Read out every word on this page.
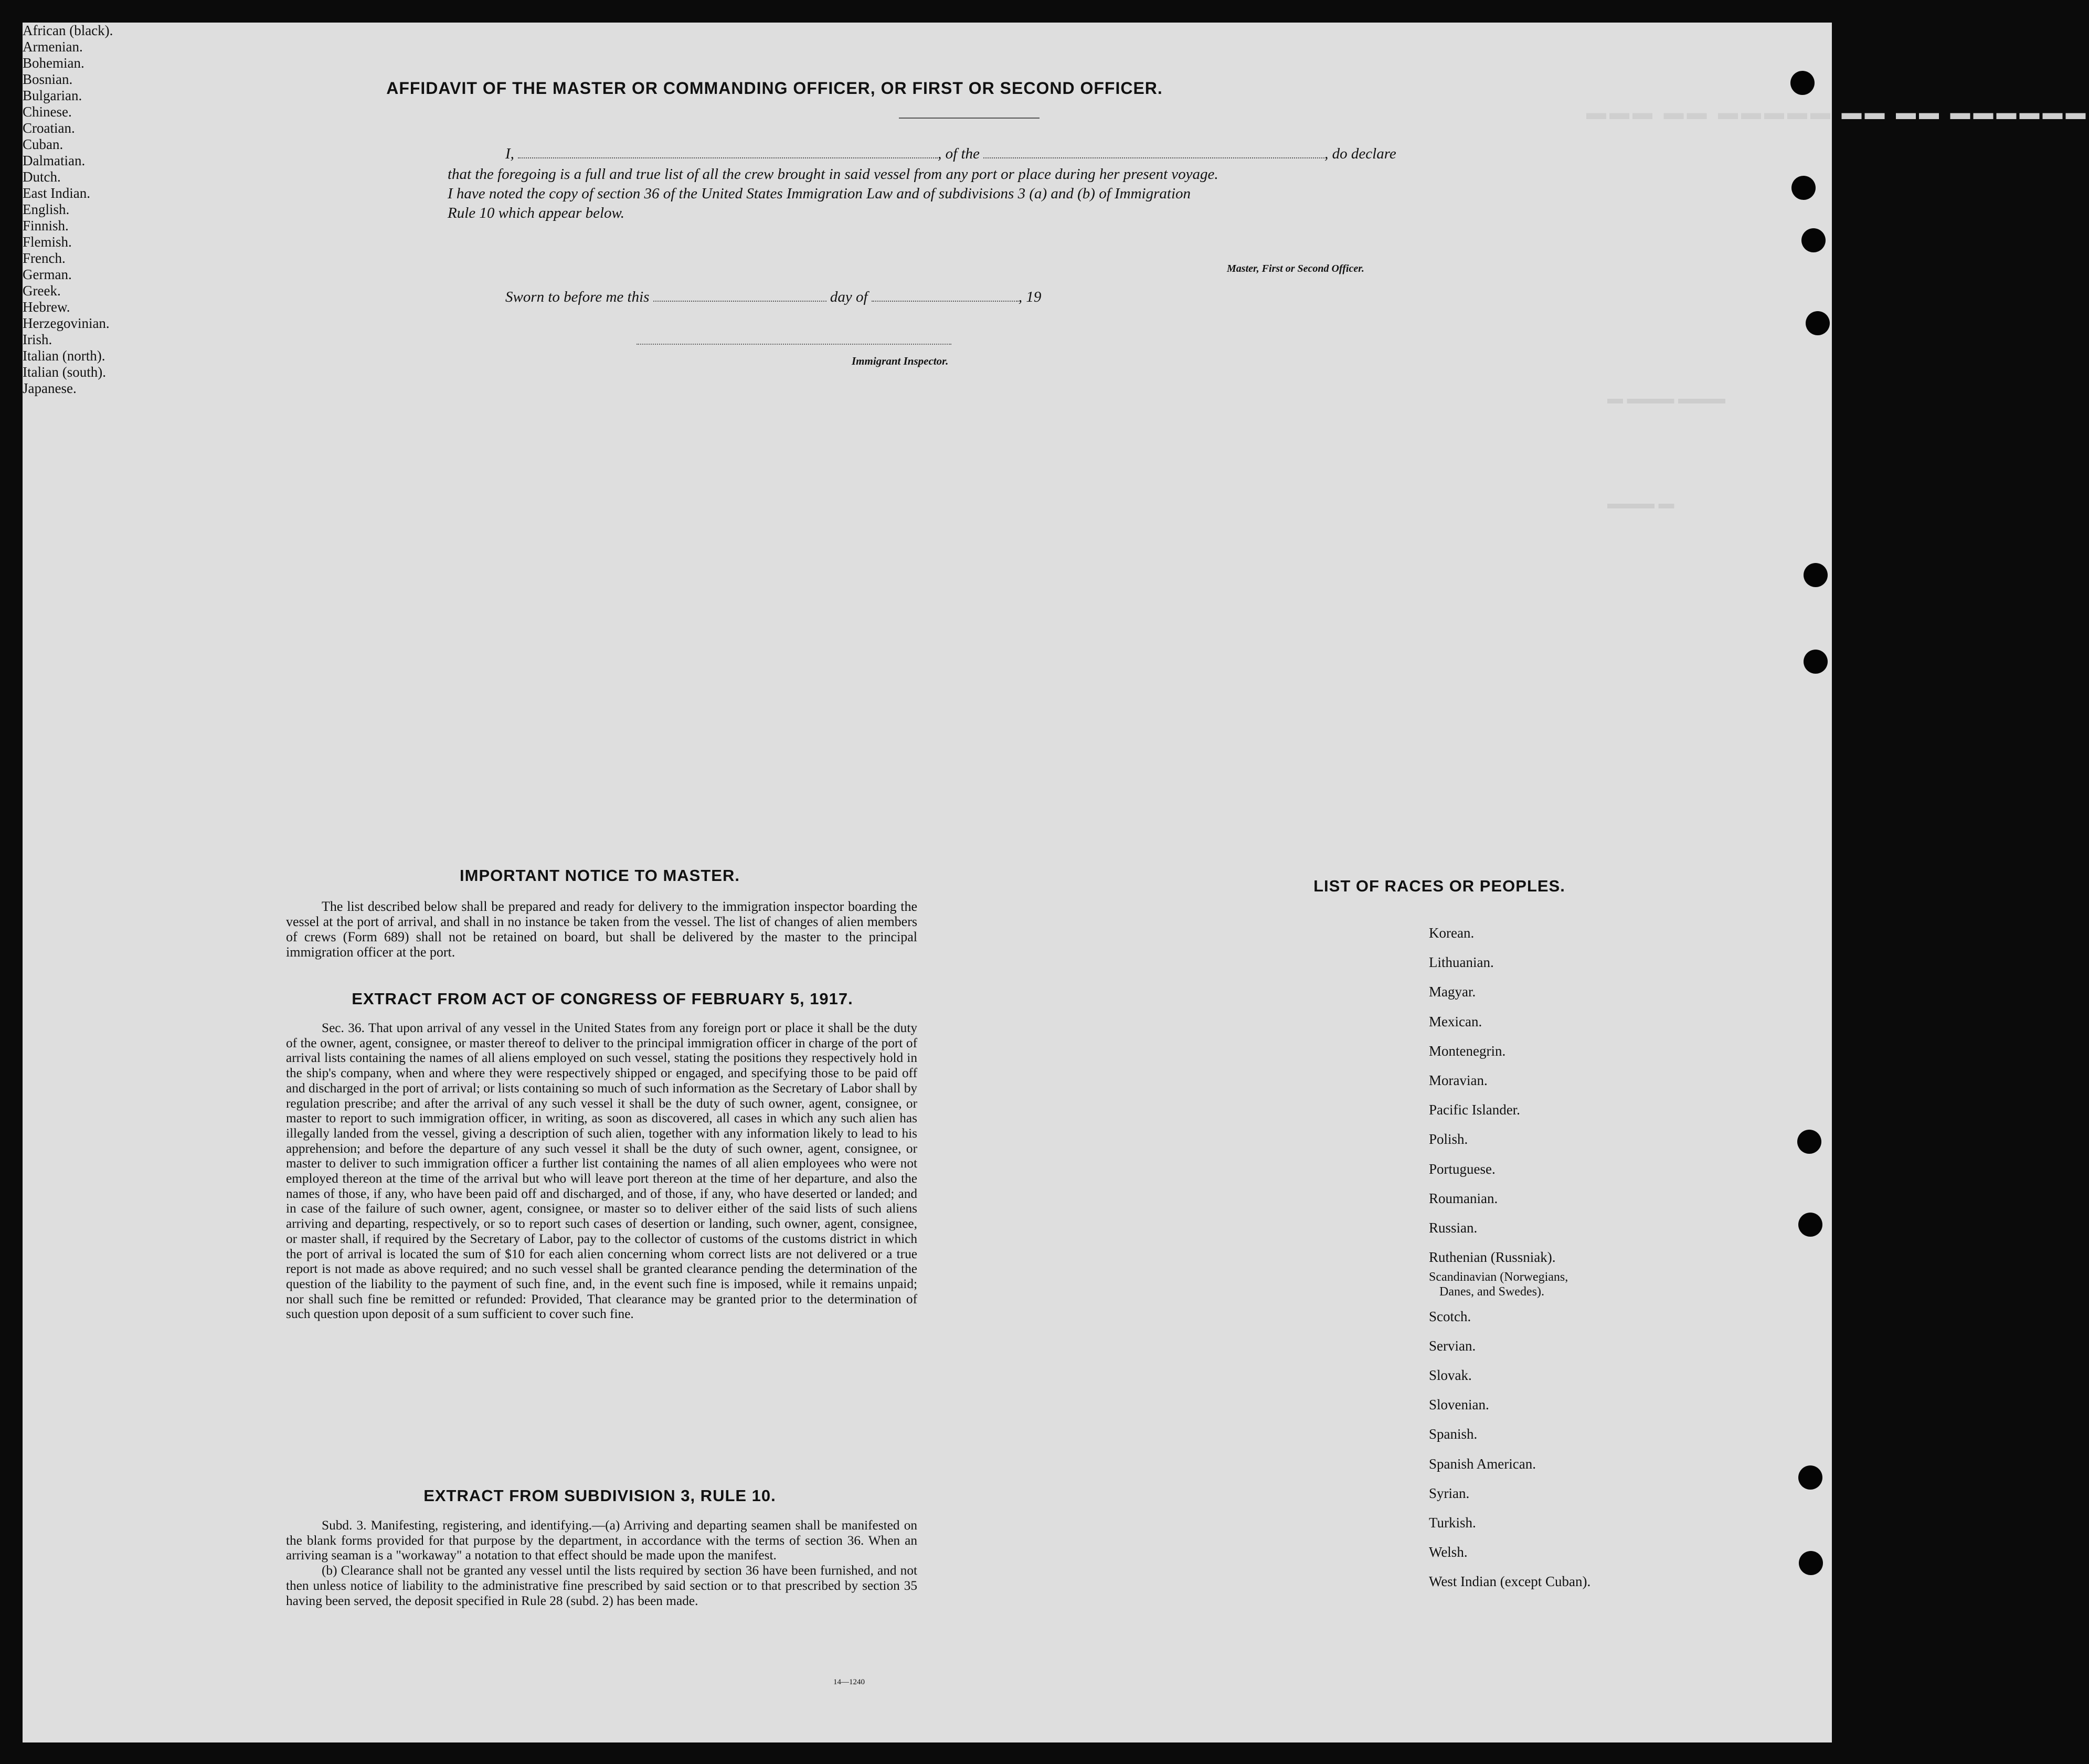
▬▬▬ ▬▬ ▬▬▬▬▬ ▬▬ ▬▬ ▬▬▬▬▬▬
▬ ▬▬▬ ▬▬▬
▬▬▬ ▬
AFFIDAVIT OF THE MASTER OR COMMANDING OFFICER, OR FIRST OR SECOND OFFICER.
I,	, of the	, do declare
that the foregoing is a full and true list of all the crew brought in said vessel from any port or place during her present voyage.
I have noted the copy of section 36 of the United States Immigration Law and of subdivisions 3 (a) and (b) of Immigration
Rule 10 which appear below.
Master, First or Second Officer.
Sworn to before me this	day of	, 19
Immigrant Inspector.
IMPORTANT NOTICE TO MASTER.

The list described below shall be prepared and ready for delivery to the immigration inspector boarding the vessel at the port of arrival, and shall in no instance be taken from the vessel. The list of changes of alien members of crews (Form 689) shall not be retained on board, but shall be delivered by the master to the principal immigration officer at the port.

EXTRACT FROM ACT OF CONGRESS OF FEBRUARY 5, 1917.

Sec. 36. That upon arrival of any vessel in the United States from any foreign port or place it shall be the duty of the owner, agent, consignee, or master thereof to deliver to the principal immigration officer in charge of the port of arrival lists containing the names of all aliens employed on such vessel, stating the positions they respectively hold in the ship's company, when and where they were respectively shipped or engaged, and specifying those to be paid off and discharged in the port of arrival; or lists containing so much of such information as the Secretary of Labor shall by regulation prescribe; and after the arrival of any such vessel it shall be the duty of such owner, agent, consignee, or master to report to such immigration officer, in writing, as soon as discovered, all cases in which any such alien has illegally landed from the vessel, giving a description of such alien, together with any information likely to lead to his apprehension; and before the departure of any such vessel it shall be the duty of such owner, agent, consignee, or master to deliver to such immigration officer a further list containing the names of all alien employees who were not employed thereon at the time of the arrival but who will leave port thereon at the time of her departure, and also the names of those, if any, who have been paid off and discharged, and of those, if any, who have deserted or landed; and in case of the failure of such owner, agent, consignee, or master so to deliver either of the said lists of such aliens arriving and departing, respectively, or so to report such cases of desertion or landing, such owner, agent, consignee, or master shall, if required by the Secretary of Labor, pay to the collector of customs of the customs district in which the port of arrival is located the sum of $10 for each alien concerning whom correct lists are not delivered or a true report is not made as above required; and no such vessel shall be granted clearance pending the determination of the question of the liability to the payment of such fine, and, in the event such fine is imposed, while it remains unpaid; nor shall such fine be remitted or refunded: Provided, That clearance may be granted prior to the determination of such question upon deposit of a sum sufficient to cover such fine.

EXTRACT FROM SUBDIVISION 3, RULE 10.

Subd. 3. Manifesting, registering, and identifying.—(a) Arriving and departing seamen shall be manifested on the blank forms provided for that purpose by the department, in accordance with the terms of section 36. When an arriving seaman is a "workaway" a notation to that effect should be made upon the manifest.

(b) Clearance shall not be granted any vessel until the lists required by section 36 have been furnished, and not then unless notice of liability to the administrative fine prescribed by said section or to that prescribed by section 35 having been served, the deposit specified in Rule 28 (subd. 2) has been made.

14—1240
LIST OF RACES OR PEOPLES.
African (black).
Armenian.
Bohemian.
Bosnian.
Bulgarian.
Chinese.
Croatian.
Cuban.
Dalmatian.
Dutch.
East Indian.
English.
Finnish.
Flemish.
French.
German.
Greek.
Hebrew.
Herzegovinian.
Irish.
Italian (north).
Italian (south).
Japanese.
Korean.
Lithuanian.
Magyar.
Mexican.
Montenegrin.
Moravian.
Pacific Islander.
Polish.
Portuguese.
Roumanian.
Russian.
Ruthenian (Russniak).
Scandinavian (Norwegians,
Danes, and Swedes).
Scotch.
Servian.
Slovak.
Slovenian.
Spanish.
Spanish American.
Syrian.
Turkish.
Welsh.
West Indian (except Cuban).
